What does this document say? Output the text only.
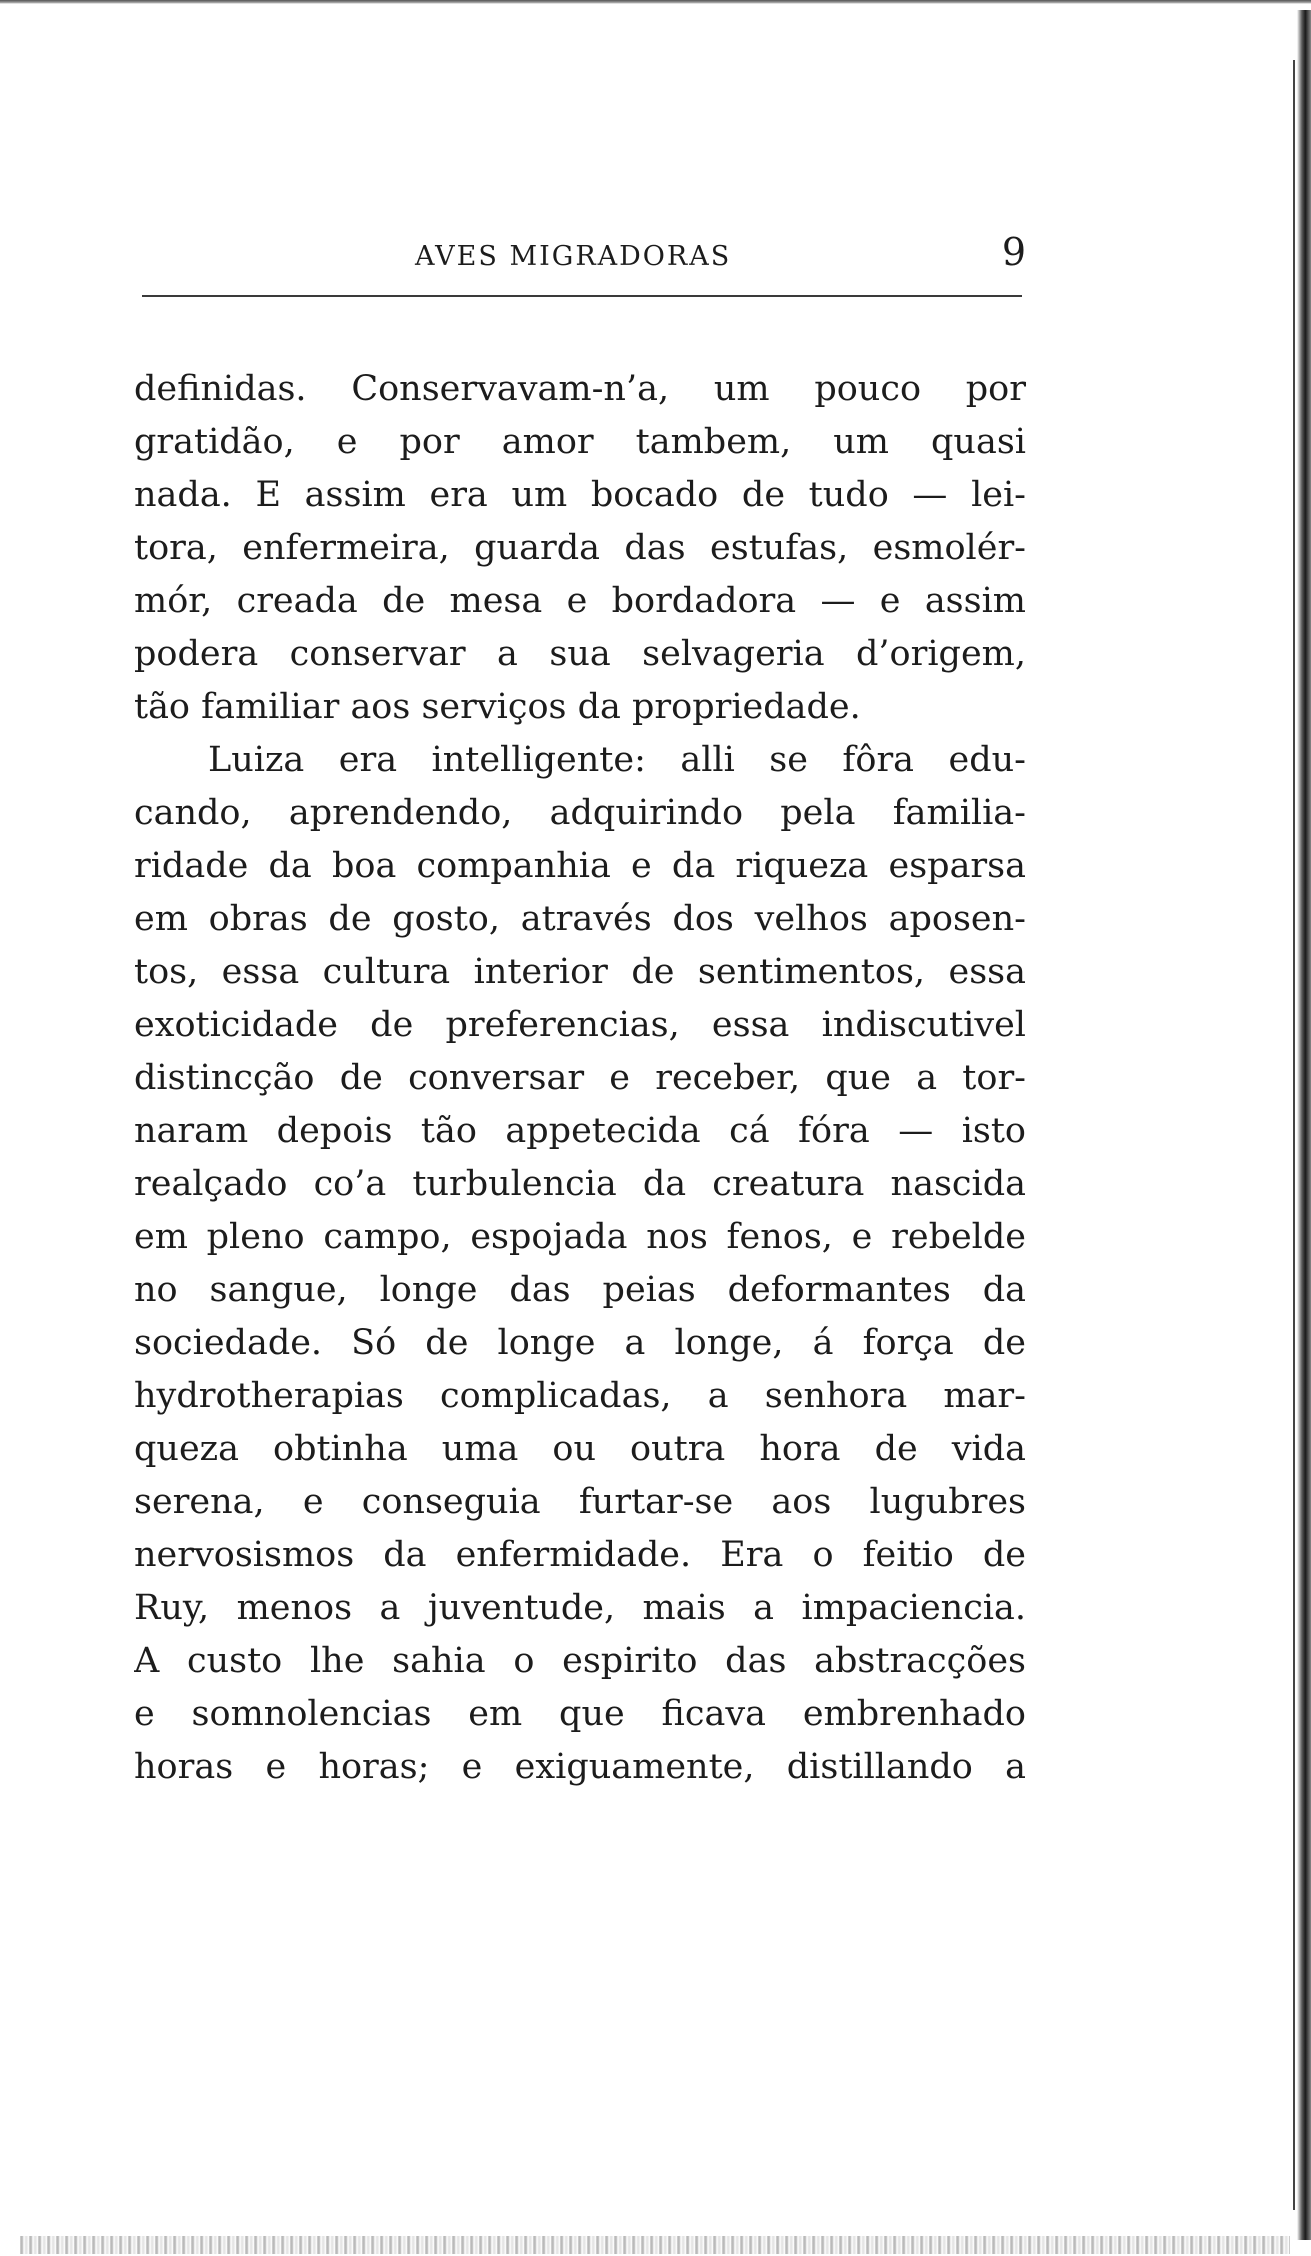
AVES MIGRADORAS	9
definidas. Conservavam-n’a, um pouco por
gratidão, e por amor tambem, um quasi
nada. E assim era um bocado de tudo — lei-
tora, enfermeira, guarda das estufas, esmolér-
mór, creada de mesa e bordadora — e assim
podera conservar a sua selvageria d’origem,
tão familiar aos serviços da propriedade.
Luiza era intelligente: alli se fôra edu-
cando, aprendendo, adquirindo pela familia-
ridade da boa companhia e da riqueza esparsa
em obras de gosto, através dos velhos aposen-
tos, essa cultura interior de sentimentos, essa
exoticidade de preferencias, essa indiscutivel
distincção de conversar e receber, que a tor-
naram depois tão appetecida cá fóra — isto
realçado co’a turbulencia da creatura nascida
em pleno campo, espojada nos fenos, e rebelde
no sangue, longe das peias deformantes da
sociedade. Só de longe a longe, á força de
hydrotherapias complicadas, a senhora mar-
queza obtinha uma ou outra hora de vida
serena, e conseguia furtar-se aos lugubres
nervosismos da enfermidade. Era o feitio de
Ruy, menos a juventude, mais a impaciencia.
A custo lhe sahia o espirito das abstracções
e somnolencias em que ficava embrenhado
horas e horas; e exiguamente, distillando a
